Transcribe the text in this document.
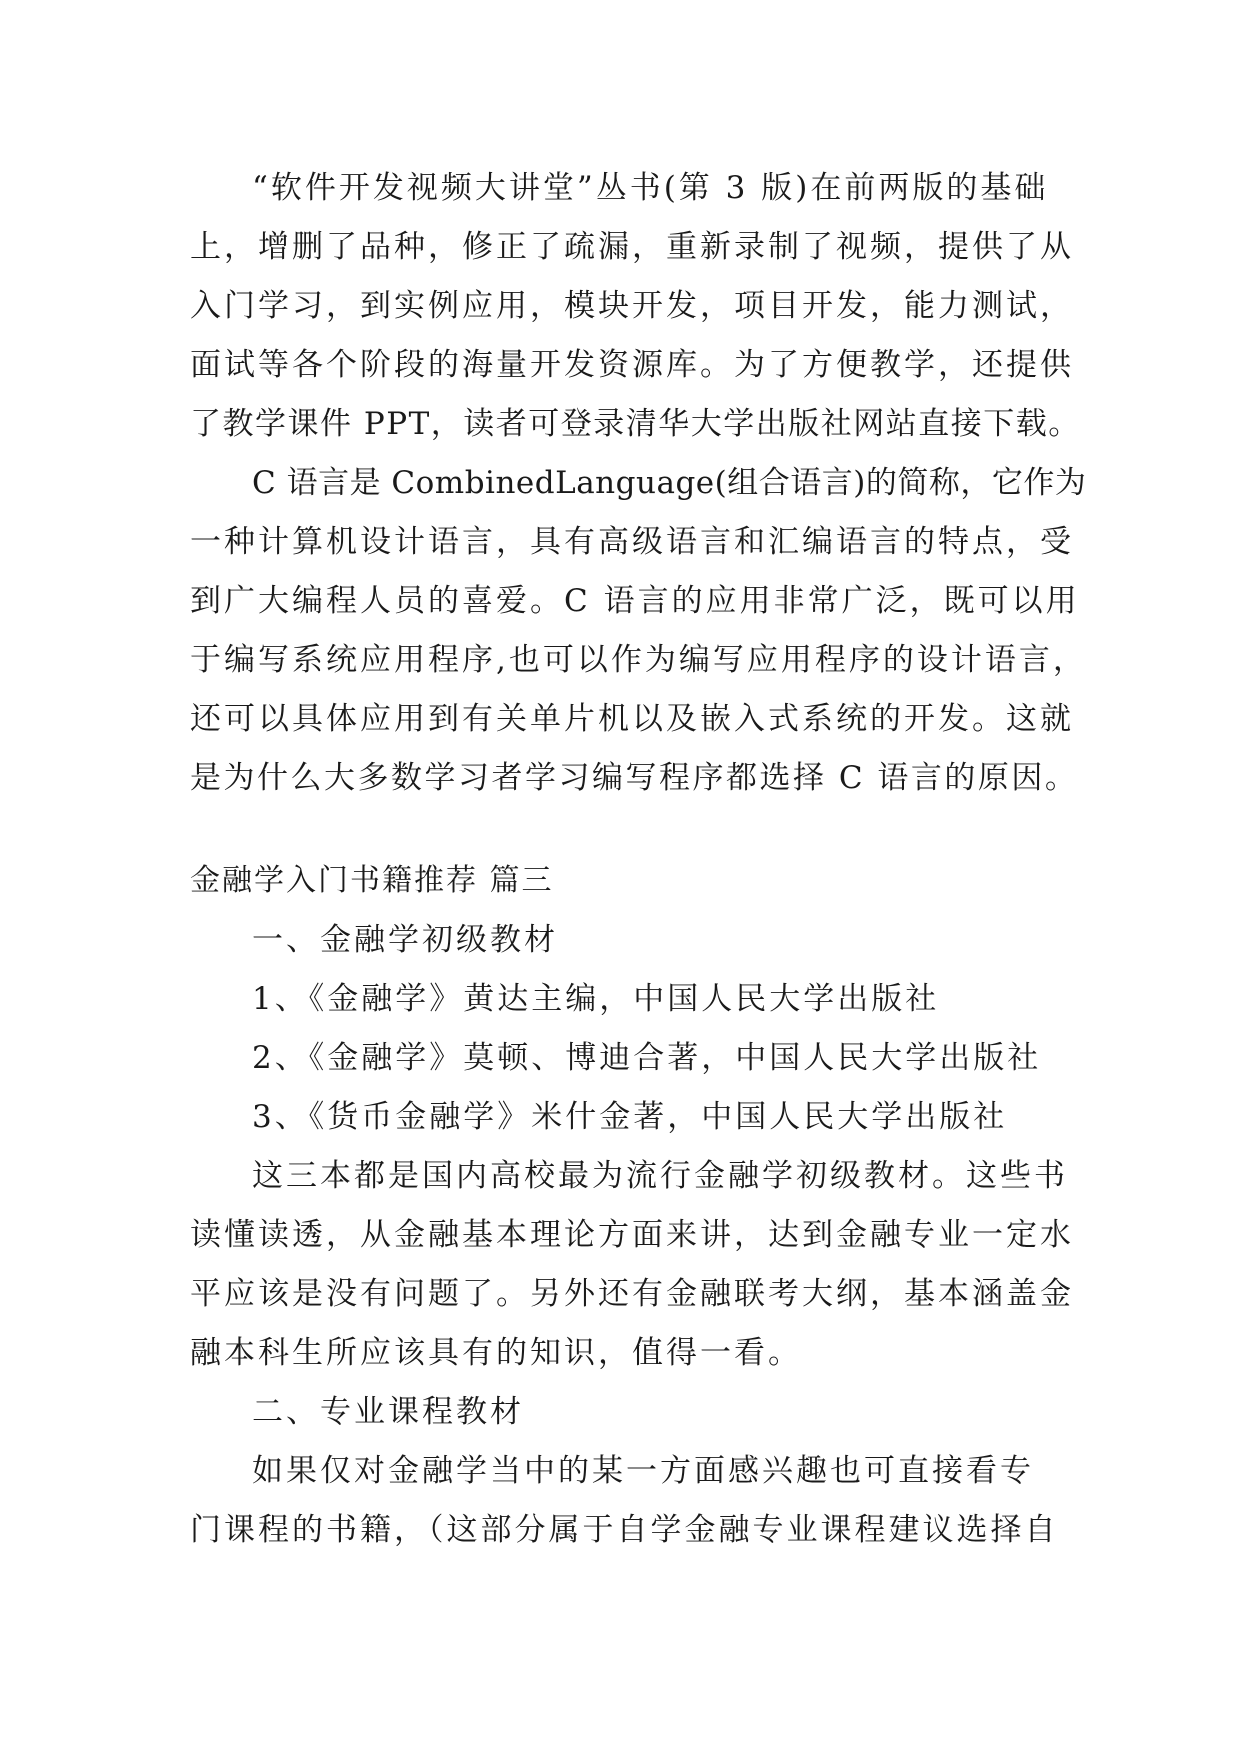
“软件开发视频大讲堂”丛书(第 3 版)在前两版的基础
上，增删了品种，修正了疏漏，重新录制了视频，提供了从
入门学习，到实例应用，模块开发，项目开发，能力测试，
面试等各个阶段的海量开发资源库。为了方便教学，还提供
了教学课件 PPT，读者可登录清华大学出版社网站直接下载。
C 语言是 CombinedLanguage(组合语言)的简称，它作为
一种计算机设计语言，具有高级语言和汇编语言的特点，受
到广大编程人员的喜爱。C 语言的应用非常广泛，既可以用
于编写系统应用程序,也可以作为编写应用程序的设计语言，
还可以具体应用到有关单片机以及嵌入式系统的开发。这就
是为什么大多数学习者学习编写程序都选择 C 语言的原因。
金融学入门书籍推荐 篇三
一、金融学初级教材
1、《金融学》黄达主编，中国人民大学出版社
2、《金融学》莫顿、博迪合著，中国人民大学出版社
3、《货币金融学》米什金著，中国人民大学出版社
这三本都是国内高校最为流行金融学初级教材。这些书
读懂读透，从金融基本理论方面来讲，达到金融专业一定水
平应该是没有问题了。另外还有金融联考大纲，基本涵盖金
融本科生所应该具有的知识，值得一看。
二、专业课程教材
如果仅对金融学当中的某一方面感兴趣也可直接看专
门课程的书籍，（这部分属于自学金融专业课程建议选择自
